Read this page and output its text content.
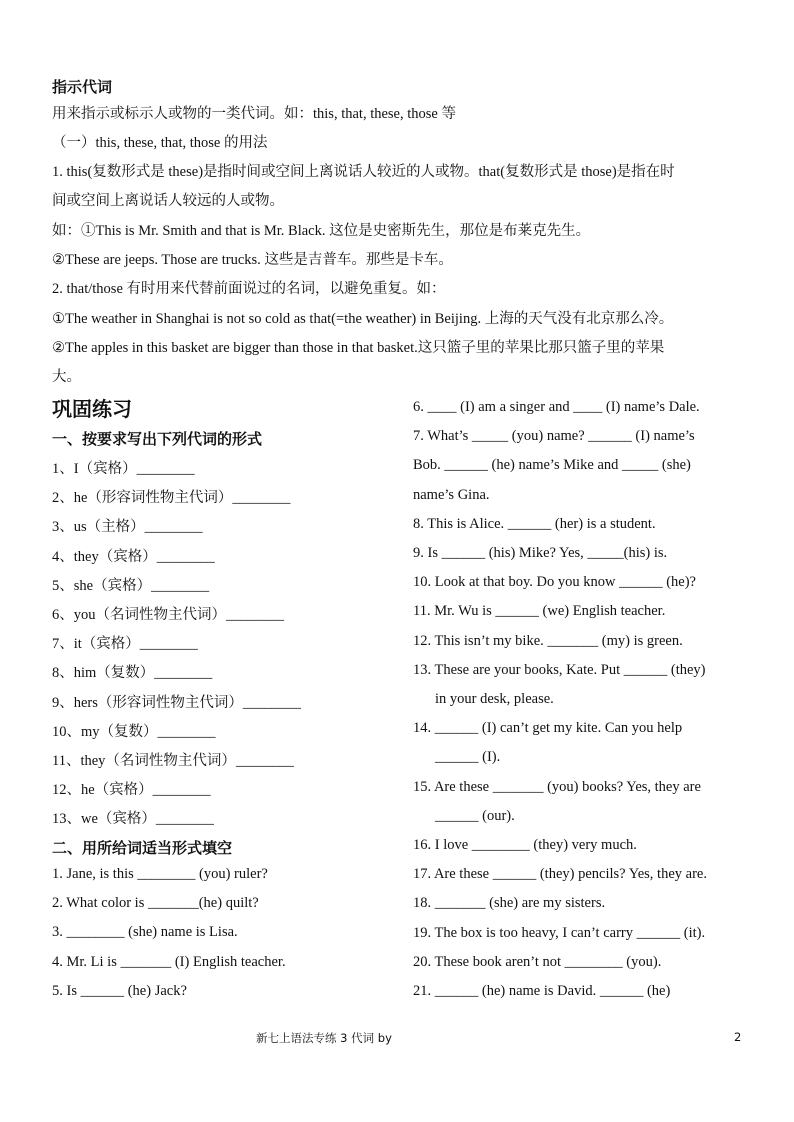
指示代词
用来指示或标示人或物的一类代词。如：this, that, these, those 等
（一）this, these, that, those 的用法
1. this(复数形式是 these)是指时间或空间上离说话人较近的人或物。that(复数形式是 those)是指在时
间或空间上离说话人较远的人或物。
如：①This is Mr. Smith and that is Mr. Black. 这位是史密斯先生，那位是布莱克先生。
②These are jeeps. Those are trucks. 这些是吉普车。那些是卡车。
2. that/those 有时用来代替前面说过的名词，以避免重复。如：
①The weather in Shanghai is not so cold as that(=the weather) in Beijing. 上海的天气没有北京那么冷。
②The apples in this basket are bigger than those in that basket.这只篮子里的苹果比那只篮子里的苹果
大。
巩固练习
一、按要求写出下列代词的形式
1、I（宾格）________
2、he（形容词性物主代词）________
3、us（主格）________
4、they（宾格）________
5、she（宾格）________
6、you（名词性物主代词）________
7、it（宾格）________
8、him（复数）________
9、hers（形容词性物主代词）________
10、my（复数）________
11、they（名词性物主代词）________
12、he（宾格）________
13、we（宾格）________
二、用所给词适当形式填空
1. Jane, is this ________ (you) ruler?
2. What color is _______(he) quilt?
3. ________ (she) name is Lisa.
4. Mr. Li is _______ (I) English teacher.
5. Is ______ (he) Jack?
6. ____ (I) am a singer and ____ (I) name’s Dale.
7. What’s _____ (you) name? ______ (I) name’s
Bob. ______ (he) name’s Mike and _____ (she)
name’s Gina.
8. This is Alice. ______ (her) is a student.
9. Is ______ (his) Mike? Yes, _____(his) is.
10. Look at that boy. Do you know ______ (he)?
11. Mr. Wu is ______ (we) English teacher.
12. This isn’t my bike. _______ (my) is green.
13. These are your books, Kate. Put ______ (they)
in your desk, please.
14. ______ (I) can’t get my kite. Can you help
______ (I).
15. Are these _______ (you) books? Yes, they are
______ (our).
16. I love ________ (they) very much.
17. Are these ______ (they) pencils? Yes, they are.
18. _______ (she) are my sisters.
19. The box is too heavy, I can’t carry ______ (it).
20. These book aren’t not ________ (you).
21. ______ (he) name is David. ______ (he)
新七上语法专练 3 代词 by	2
